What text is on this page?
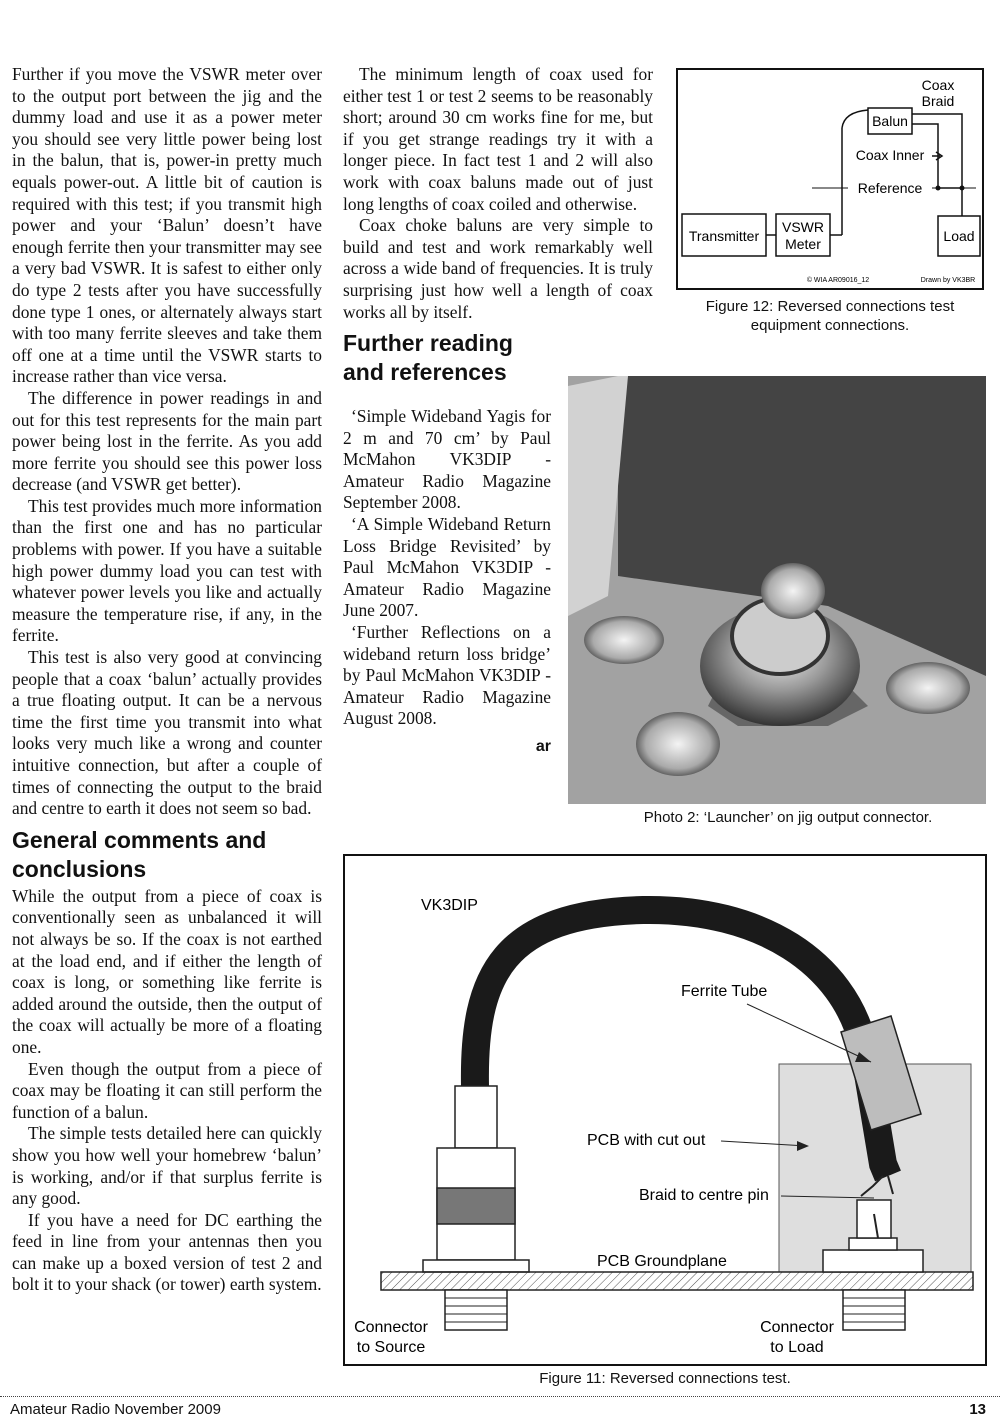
Further if you move the VSWR meter over to the output port between the jig and the dummy load and use it as a power meter you should see very little power being lost in the balun, that is, power-in pretty much equals power-out. A little bit of caution is required with this test; if you transmit high power and your ‘Balun’ doesn’t have enough ferrite then your transmitter may see a very bad VSWR. It is safest to either only do type 2 tests after you have successfully done type 1 ones, or alternately always start with too many ferrite sleeves and take them off one at a time until the VSWR starts to increase rather than vice versa.

The difference in power readings in and out for this test represents for the main part power being lost in the ferrite. As you add more ferrite you should see this power loss decrease (and VSWR get better).

This test provides much more information than the first one and has no particular problems with power. If you have a suitable high power dummy load you can test with whatever power levels you like and actually measure the temperature rise, if any, in the ferrite.

This test is also very good at convincing people that a coax ‘balun’ actually provides a true floating output. It can be a nervous time the first time you transmit into what looks very much like a wrong and counter intuitive connection, but after a couple of times of connecting the output to the braid and centre to earth it does not seem so bad.

General comments and conclusions

While the output from a piece of coax is conventionally seen as unbalanced it will not always be so. If the coax is not earthed at the load end, and if either the length of coax is long, or something like ferrite is added around the outside, then the output of the coax will actually be more of a floating one.

Even though the output from a piece of coax may be floating it can still perform the function of a balun.

The simple tests detailed here can quickly show you how well your homebrew ‘balun’ is working, and/or if that surplus ferrite is any good.

If you have a need for DC earthing the feed in line from your antennas then you can make up a boxed version of test 2 and bolt it to your shack (or tower) earth system.

The minimum length of coax used for either test 1 or test 2 seems to be reasonably short; around 30 cm works fine for me, but if you get strange readings try it with a longer piece. In fact test 1 and 2 will also work with coax baluns made out of just long lengths of coax coiled and otherwise.

Coax choke baluns are very simple to build and test and work remarkably well across a wide band of frequencies. It is truly surprising just how well a length of coax works all by itself.

Further reading and references

‘Simple Wideband Yagis for 2 m and 70 cm’ by Paul McMahon VK3DIP - Amateur Radio Magazine September 2008.

‘A Simple Wideband Return Loss Bridge Revisited’ by Paul McMahon VK3DIP - Amateur Radio Magazine June 2007.

‘Further Reflections on a wideband return loss bridge’ by Paul McMahon VK3DIP - Amateur Radio Magazine August 2008.

ar
Transmitter
VSWR
Meter
Balun
Coax
Braid
Coax Inner
Reference
Load
© WIA AR09016_12	Drawn by VK3BR
Figure 12: Reversed connections test equipment connections.
Photo 2: ‘Launcher’ on jig output connector.
VK3DIP
Ferrite Tube
PCB with cut out
Braid to centre pin
PCB Groundplane
Connector
to Source
Connector
to Load
Figure 11: Reversed connections test.
Amateur Radio November 2009	13
